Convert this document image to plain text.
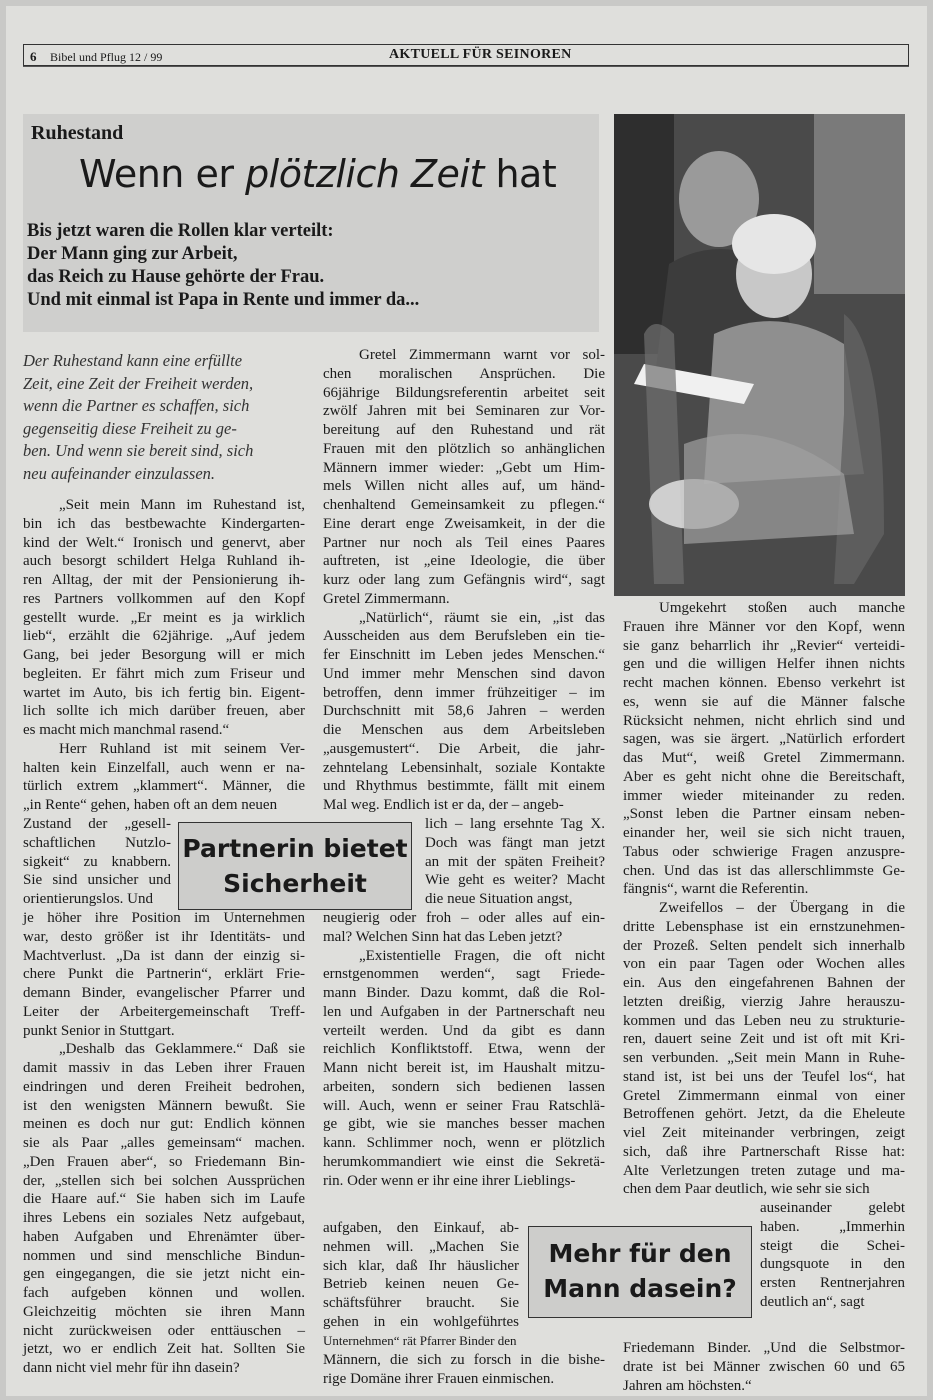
6 Bibel und Pflug 12 / 99	AKTUELL FÜR SEINOREN
Ruhestand
Wenn er plötzlich Zeit hat
Bis jetzt waren die Rollen klar verteilt:
Der Mann ging zur Arbeit,
das Reich zu Hause gehörte der Frau.
Und mit einmal ist Papa in Rente und immer da...
Der Ruhestand kann eine erfüllte
Zeit, eine Zeit der Freiheit werden,
wenn die Partner es schaffen, sich
gegenseitig diese Freiheit zu ge-
ben. Und wenn sie bereit sind, sich
neu aufeinander einzulassen.
„Seit mein Mann im Ruhestand ist,
bin ich das bestbewachte Kindergarten-
kind der Welt.“ Ironisch und genervt, aber
auch besorgt schildert Helga Ruhland ih-
ren Alltag, der mit der Pensionierung ih-
res Partners vollkommen auf den Kopf
gestellt wurde. „Er meint es ja wirklich
lieb“, erzählt die 62jährige. „Auf jedem
Gang, bei jeder Besorgung will er mich
begleiten. Er fährt mich zum Friseur und
wartet im Auto, bis ich fertig bin. Eigent-
lich sollte ich mich darüber freuen, aber
es macht mich manchmal rasend.“
Herr Ruhland ist mit seinem Ver-
halten kein Einzelfall, auch wenn er na-
türlich extrem „klammert“. Männer, die
„in Rente“ gehen, haben oft an dem neuen
Zustand der „gesell-
schaftlichen Nutzlo-
sigkeit“ zu knabbern.
Sie sind unsicher und
orientierungslos. Und
je höher ihre Position im Unternehmen
war, desto größer ist ihr Identitäts- und
Machtverlust. „Da ist dann der einzig si-
chere Punkt die Partnerin“, erklärt Frie-
demann Binder, evangelischer Pfarrer und
Leiter der Arbeitergemeinschaft Treff-
punkt Senior in Stuttgart.
„Deshalb das Geklammere.“ Daß sie
damit massiv in das Leben ihrer Frauen
eindringen und deren Freiheit bedrohen,
ist den wenigsten Männern bewußt. Sie
meinen es doch nur gut: Endlich können
sie als Paar „alles gemeinsam“ machen.
„Den Frauen aber“, so Friedemann Bin-
der, „stellen sich bei solchen Aussprüchen
die Haare auf.“ Sie haben sich im Laufe
ihres Lebens ein soziales Netz aufgebaut,
haben Aufgaben und Ehrenämter über-
nommen und sind menschliche Bindun-
gen eingegangen, die sie jetzt nicht ein-
fach aufgeben können und wollen.
Gleichzeitig möchten sie ihren Mann
nicht zurückweisen oder enttäuschen –
jetzt, wo er endlich Zeit hat. Sollten Sie
dann nicht viel mehr für ihn dasein?
Gretel Zimmermann warnt vor sol-
chen moralischen Ansprüchen. Die
66jährige Bildungsreferentin arbeitet seit
zwölf Jahren mit bei Seminaren zur Vor-
bereitung auf den Ruhestand und rät
Frauen mit den plötzlich so anhänglichen
Männern immer wieder: „Gebt um Him-
mels Willen nicht alles auf, um händ-
chenhaltend Gemeinsamkeit zu pflegen.“
Eine derart enge Zweisamkeit, in der die
Partner nur noch als Teil eines Paares
auftreten, ist „eine Ideologie, die über
kurz oder lang zum Gefängnis wird“, sagt
Gretel Zimmermann.
„Natürlich“, räumt sie ein, „ist das
Ausscheiden aus dem Berufsleben ein tie-
fer Einschnitt im Leben jedes Menschen.“
Und immer mehr Menschen sind davon
betroffen, denn immer frühzeitiger – im
Durchschnitt mit 58,6 Jahren – werden
die Menschen aus dem Arbeitsleben
„ausgemustert“. Die Arbeit, die jahr-
zehntelang Lebensinhalt, soziale Kontakte
und Rhythmus bestimmte, fällt mit einem
Mal weg. Endlich ist er da, der – angeb-
lich – lang ersehnte Tag X.
Doch was fängt man jetzt
an mit der späten Freiheit?
Wie geht es weiter? Macht
die neue Situation angst,
neugierig oder froh – oder alles auf ein-
mal? Welchen Sinn hat das Leben jetzt?
„Existentielle Fragen, die oft nicht
ernstgenommen werden“, sagt Friede-
mann Binder. Dazu kommt, daß die Rol-
len und Aufgaben in der Partnerschaft neu
verteilt werden. Und da gibt es dann
reichlich Konfliktstoff. Etwa, wenn der
Mann nicht bereit ist, im Haushalt mitzu-
arbeiten, sondern sich bedienen lassen
will. Auch, wenn er seiner Frau Ratschlä-
ge gibt, wie sie manches besser machen
kann. Schlimmer noch, wenn er plötzlich
herumkommandiert wie einst die Sekretä-
rin. Oder wenn er ihr eine ihrer Lieblings-
aufgaben, den Einkauf, ab-
nehmen will. „Machen Sie
sich klar, daß Ihr häuslicher
Betrieb keinen neuen Ge-
schäftsführer braucht. Sie
gehen in ein wohlgeführtes
Unternehmen“ rät Pfarrer Binder den
Männern, die sich zu forsch in die bishe-
rige Domäne ihrer Frauen einmischen.
Umgekehrt stoßen auch manche
Frauen ihre Männer vor den Kopf, wenn
sie ganz beharrlich ihr „Revier“ verteidi-
gen und die willigen Helfer ihnen nichts
recht machen können. Ebenso verkehrt ist
es, wenn sie auf die Männer falsche
Rücksicht nehmen, nicht ehrlich sind und
sagen, was sie ärgert. „Natürlich erfordert
das Mut“, weiß Gretel Zimmermann.
Aber es geht nicht ohne die Bereitschaft,
immer wieder miteinander zu reden.
„Sonst leben die Partner einsam neben-
einander her, weil sie sich nicht trauen,
Tabus oder schwierige Fragen anzuspre-
chen. Und das ist das allerschlimmste Ge-
fängnis“, warnt die Referentin.
Zweifellos – der Übergang in die
dritte Lebensphase ist ein ernstzunehmen-
der Prozeß. Selten pendelt sich innerhalb
von ein paar Tagen oder Wochen alles
ein. Aus den eingefahrenen Bahnen der
letzten dreißig, vierzig Jahre herauszu-
kommen und das Leben neu zu strukturie-
ren, dauert seine Zeit und ist oft mit Kri-
sen verbunden. „Seit mein Mann in Ruhe-
stand ist, ist bei uns der Teufel los“, hat
Gretel Zimmermann einmal von einer
Betroffenen gehört. Jetzt, da die Eheleute
viel Zeit miteinander verbringen, zeigt
sich, daß ihre Partnerschaft Risse hat:
Alte Verletzungen treten zutage und ma-
chen dem Paar deutlich, wie sehr sie sich
auseinander gelebt
haben. „Immerhin
steigt die Schei-
dungsquote in den
ersten Rentnerjahren
deutlich an“, sagt
Friedemann Binder. „Und die Selbstmor-
drate ist bei Männer zwischen 60 und 65
Jahren am höchsten.“
Partnerin bietet
Sicherheit
Mehr für den
Mann dasein?
